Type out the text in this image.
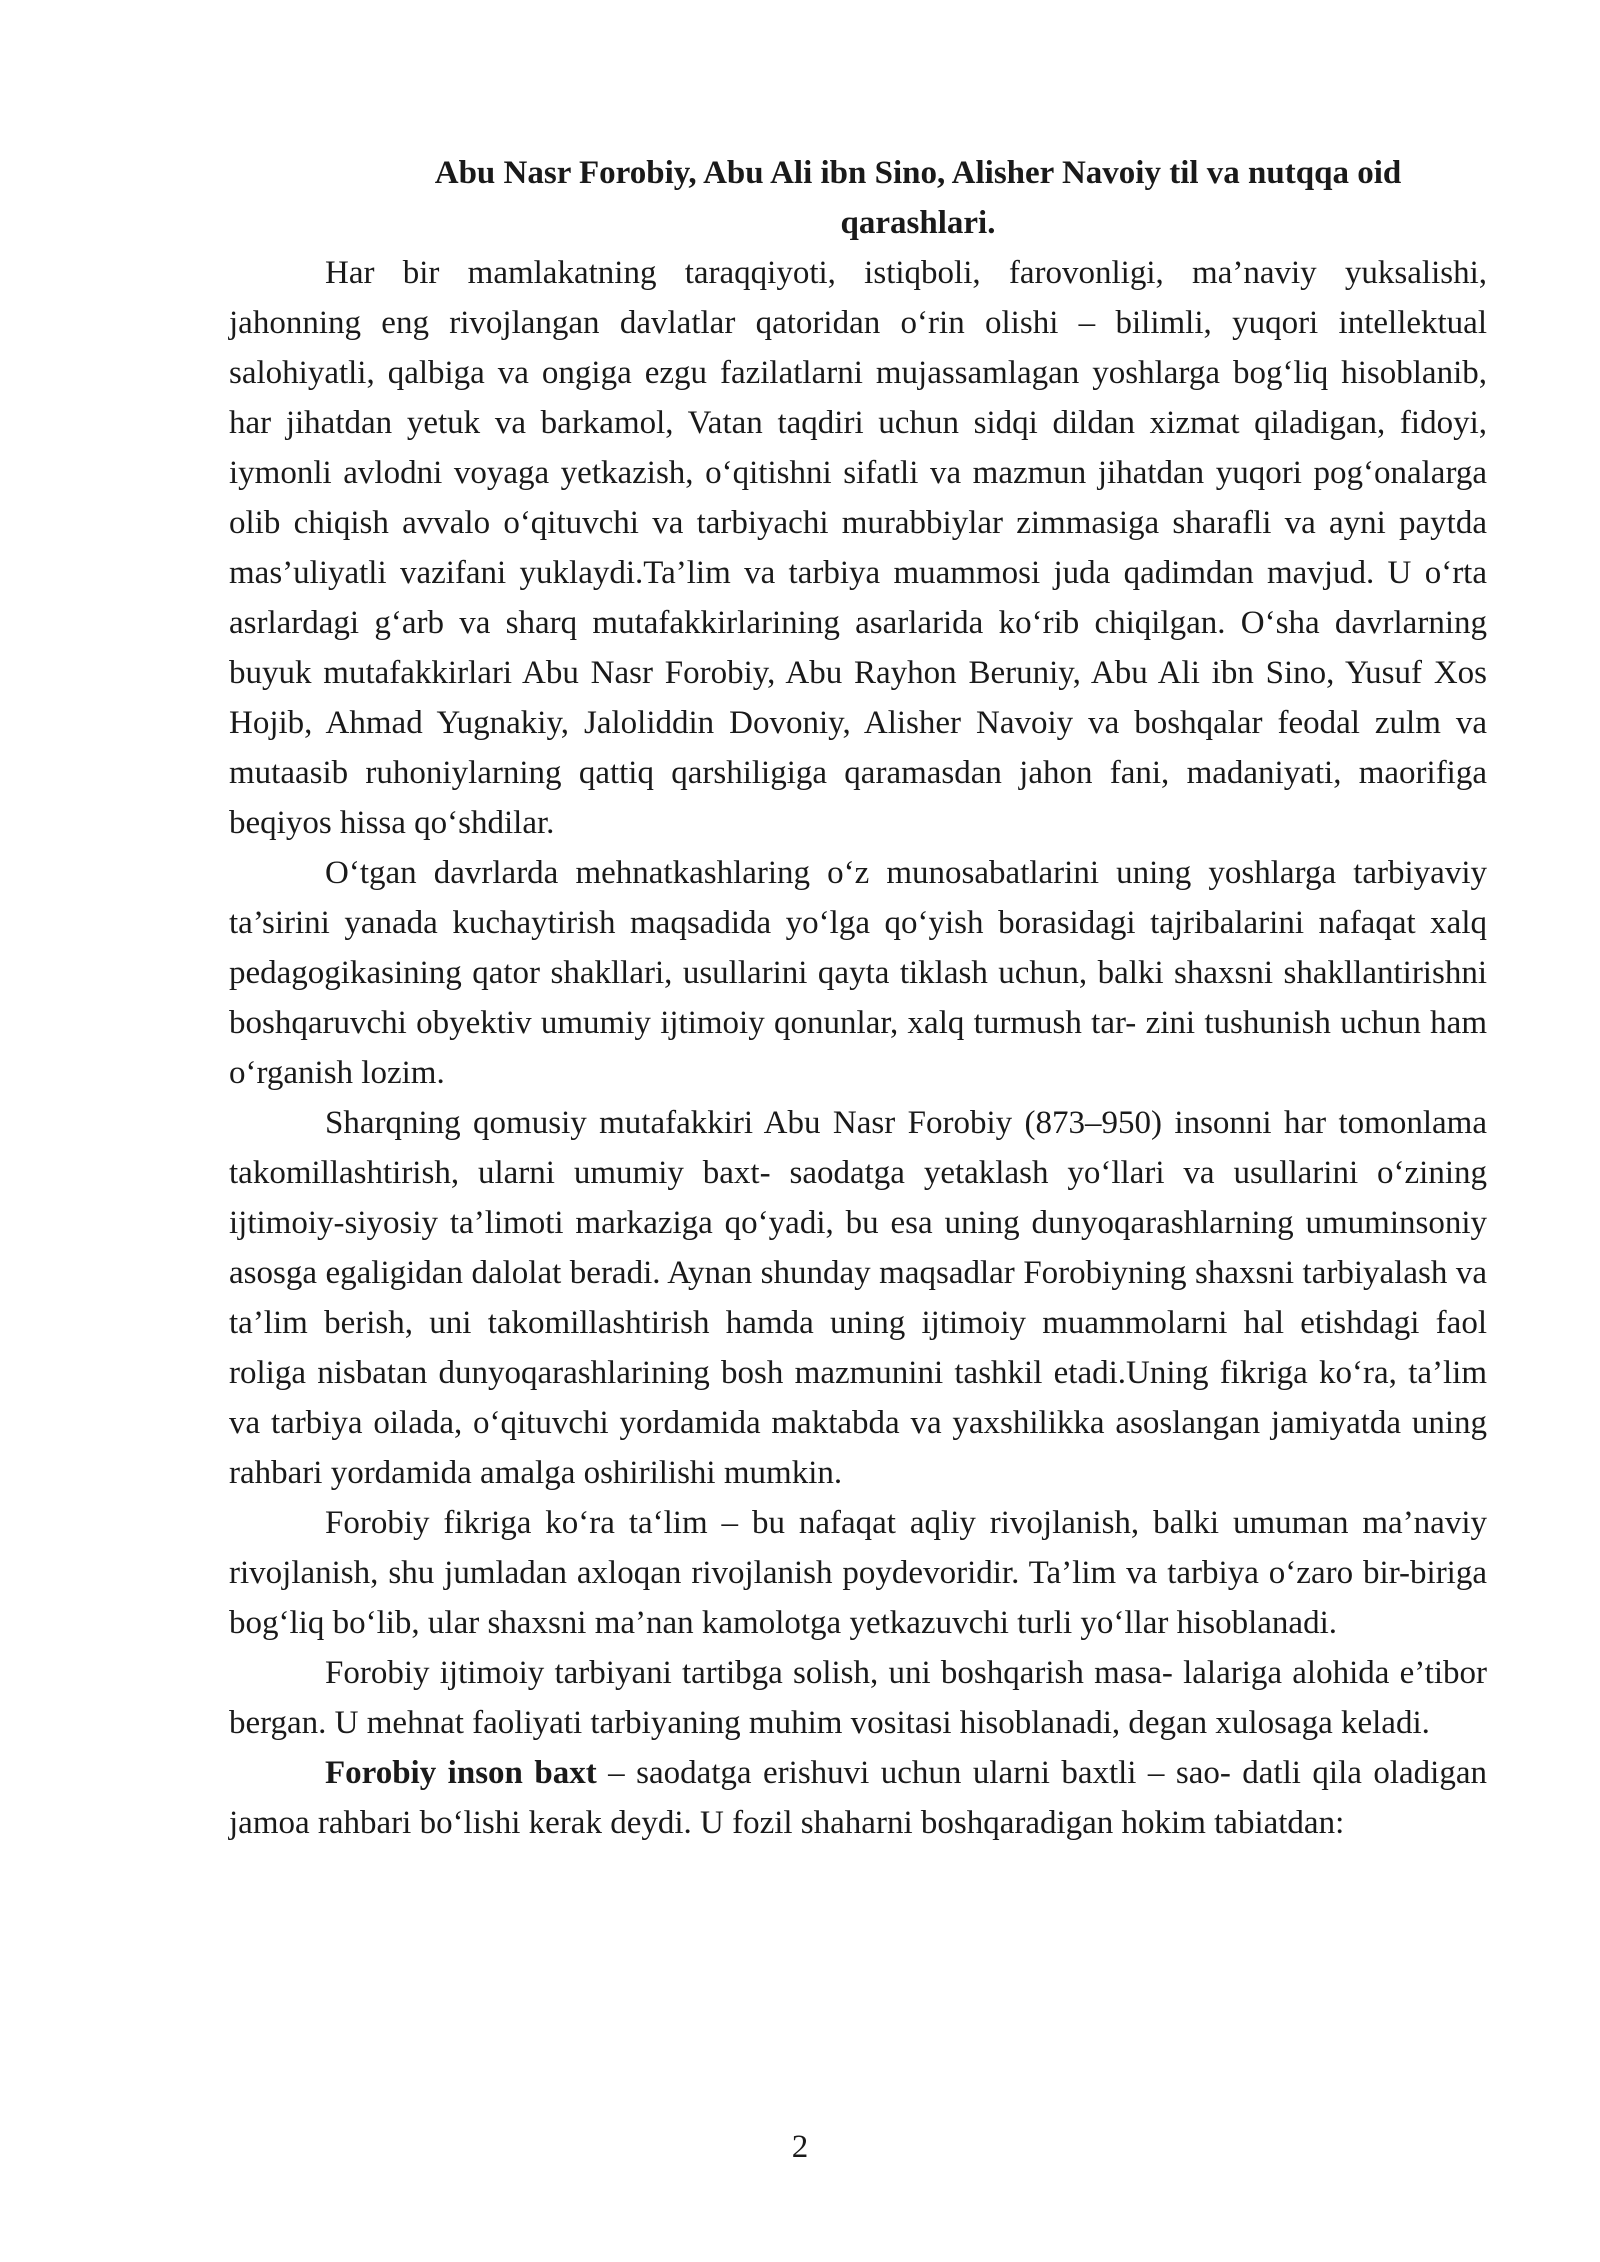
Abu Nasr Forobiy, Abu Ali ibn Sino, Alisher Navoiy til va nutqqa oid
qarashlari.

Har bir mamlakatning taraqqiyoti, istiqboli, farovonligi, ma’naviy yuksalishi, jahonning eng rivojlangan davlatlar qatoridan o‘rin olishi – bilimli, yuqori intellektual salohiyatli, qalbiga va ongiga ezgu fazilatlarni mujassamlagan yoshlarga bog‘liq hisoblanib, har jihatdan yetuk va barkamol, Vatan taqdiri uchun sidqi dildan xizmat qiladigan, fidoyi, iymonli avlodni voyaga yetkazish, o‘qitishni sifatli va mazmun jihatdan yuqori pog‘onalarga olib chiqish avvalo o‘qituvchi va tarbiyachi murabbiylar zimmasiga sharafli va ayni paytda mas’uliyatli vazifani yuklaydi.Ta’lim va tarbiya muammosi juda qadimdan mavjud. U o‘rta asrlardagi g‘arb va sharq mutafakkirlarining asarlarida ko‘rib chiqilgan. O‘sha davrlarning buyuk mutafakkirlari Abu Nasr Forobiy, Abu Rayhon Beruniy, Abu Ali ibn Sino, Yusuf Xos Hojib, Ahmad Yugnakiy, Jaloliddin Dovoniy, Alisher Navoiy va boshqalar feodal zulm va mutaasib ruhoniylarning qattiq qarshiligiga qaramasdan jahon fani, madaniyati, maorifiga beqiyos hissa qo‘shdilar.

O‘tgan davrlarda mehnatkashlaring o‘z munosabatlarini uning yoshlarga tarbiyaviy ta’sirini yanada kuchaytirish maqsadida yo‘lga qo‘yish borasidagi tajribalarini nafaqat xalq pedagogikasining qator shakllari, usullarini qayta tiklash uchun, balki shaxsni shakllantirishni boshqaruvchi obyektiv umumiy ijtimoiy qonunlar, xalq turmush tar- zini tushunish uchun ham o‘rganish lozim.

Sharqning qomusiy mutafakkiri Abu Nasr Forobiy (873–950) insonni har tomonlama takomillashtirish, ularni umumiy baxt- saodatga yetaklash yo‘llari va usullarini o‘zining ijtimoiy-siyosiy ta’limoti markaziga qo‘yadi, bu esa uning dunyoqarashlarning umuminsoniy asosga egaligidan dalolat beradi. Aynan shunday maqsadlar Forobiyning shaxsni tarbiyalash va ta’lim berish, uni takomillashtirish hamda uning ijtimoiy muammolarni hal etishdagi faol roliga nisbatan dunyoqarashlarining bosh mazmunini tashkil etadi.Uning fikriga ko‘ra, ta’lim va tarbiya oilada, o‘qituvchi yordamida maktabda va yaxshilikka asoslangan jamiyatda uning rahbari yordamida amalga oshirilishi mumkin.

Forobiy fikriga ko‘ra ta‘lim – bu nafaqat aqliy rivojlanish, balki umuman ma’naviy rivojlanish, shu jumladan axloqan rivojlanish poydevoridir. Ta’lim va tarbiya o‘zaro bir-biriga bog‘liq bo‘lib, ular shaxsni ma’nan kamolotga yetkazuvchi turli yo‘llar hisoblanadi.

Forobiy ijtimoiy tarbiyani tartibga solish, uni boshqarish masa- lalariga alohida e’tibor bergan. U mehnat faoliyati tarbiyaning muhim vositasi hisoblanadi, degan xulosaga keladi.

Forobiy inson baxt – saodatga erishuvi uchun ularni baxtli – sao- datli qila oladigan jamoa rahbari bo‘lishi kerak deydi. U fozil shaharni boshqaradigan hokim tabiatdan:

2
